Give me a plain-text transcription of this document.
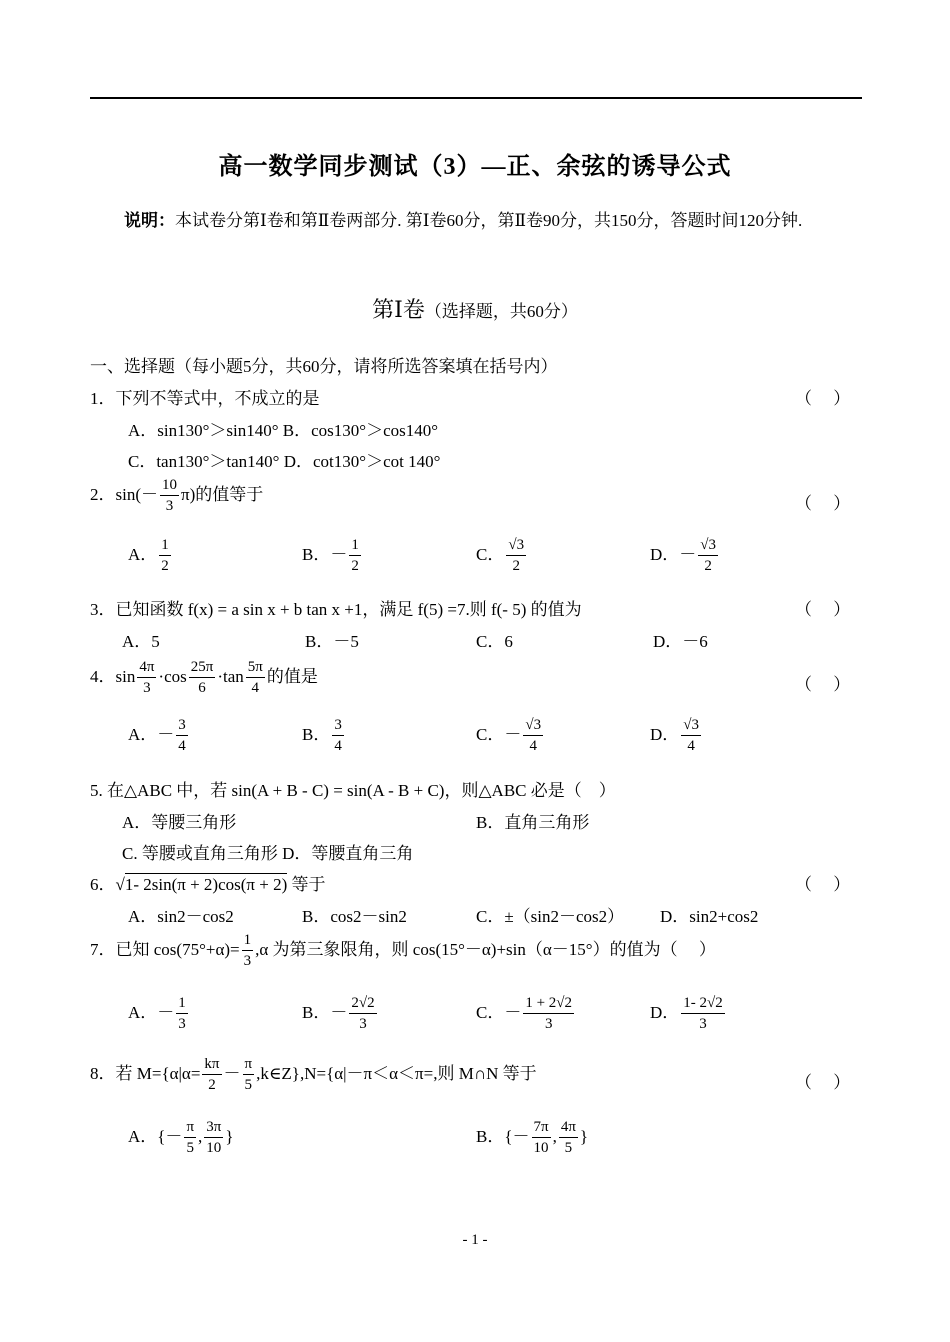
高一数学同步测试（3）—正、余弦的诱导公式
说明：本试卷分第Ⅰ卷和第Ⅱ卷两部分. 第Ⅰ卷60分，第Ⅱ卷90分，共150分，答题时间120分钟.
第Ⅰ卷（选择题，共60分）
一、选择题（每小题5分，共60分，请将所选答案填在括号内）
1．下列不等式中，不成立的是	（　 ）
A．sin130°＞sin140° B．cos130°＞cos140°
C．tan130°＞tan140° D．cot130°＞cot 140°
2．$\sin(- \frac{10}{3} \pi)$的值等于	（　 ）
A． $\frac{1}{2}$	B．－ $\frac{1}{2}$	C． $\frac{√3}{2}$	D．－ $\frac{√3}{2}$
3．已知函数 f(x) = a sin x + b tan x +1，满足 f(5) =7.则 f(- 5) 的值为	（　 ）
A．5	B．－5	C．6	D．－6
4．$\sin \frac{4\pi}{3} \cdot\cos \frac{25\pi}{6} \cdot\tan \frac{5\pi}{4}$ 的值是	（　 ）
A．－ $\frac{3}{4}$	B． $\frac{3}{4}$	C．－ $\frac{√3}{4}$	D． $\frac{√3}{4}$
5. 在△ABC 中，若 sin(A + B - C) = sin(A - B + C)，则△ABC 必是（　）
A．等腰三角形	B．直角三角形
C. 等腰或直角三角形 D．等腰直角三角
6．√1- 2sin(π + 2)cos(π + 2) 等于	（　 ）
A．sin2－cos2	B．cos2－sin2	C．±（sin2－cos2） D．sin2+cos2
7．已知 $\cos(75^\circ+\alpha)= \frac{1}{3} ,\alpha$ 为第三象限角，则 cos(15°－α)+sin（α－15°）的值为（　 ）
A．－ $\frac{1}{3}$	B．－ $\frac{2√2}{3}$	C．－ $\frac{1 + 2√2}{3}$	D． $\frac{1- 2√2}{3}$
8．若 $M=\{\alpha|\alpha= \frac{k\pi}{2} - \frac{\pi}{5}$ ,k∈Z},N={α|－π＜α＜π=,则 M∩N 等于	（　 ）
A．{－ $\frac{\pi}{5}$ , $\frac{3\pi}{10}$ }	B．{－ $\frac{7\pi}{10}$ , $\frac{4\pi}{5}$ }
- 1 -
